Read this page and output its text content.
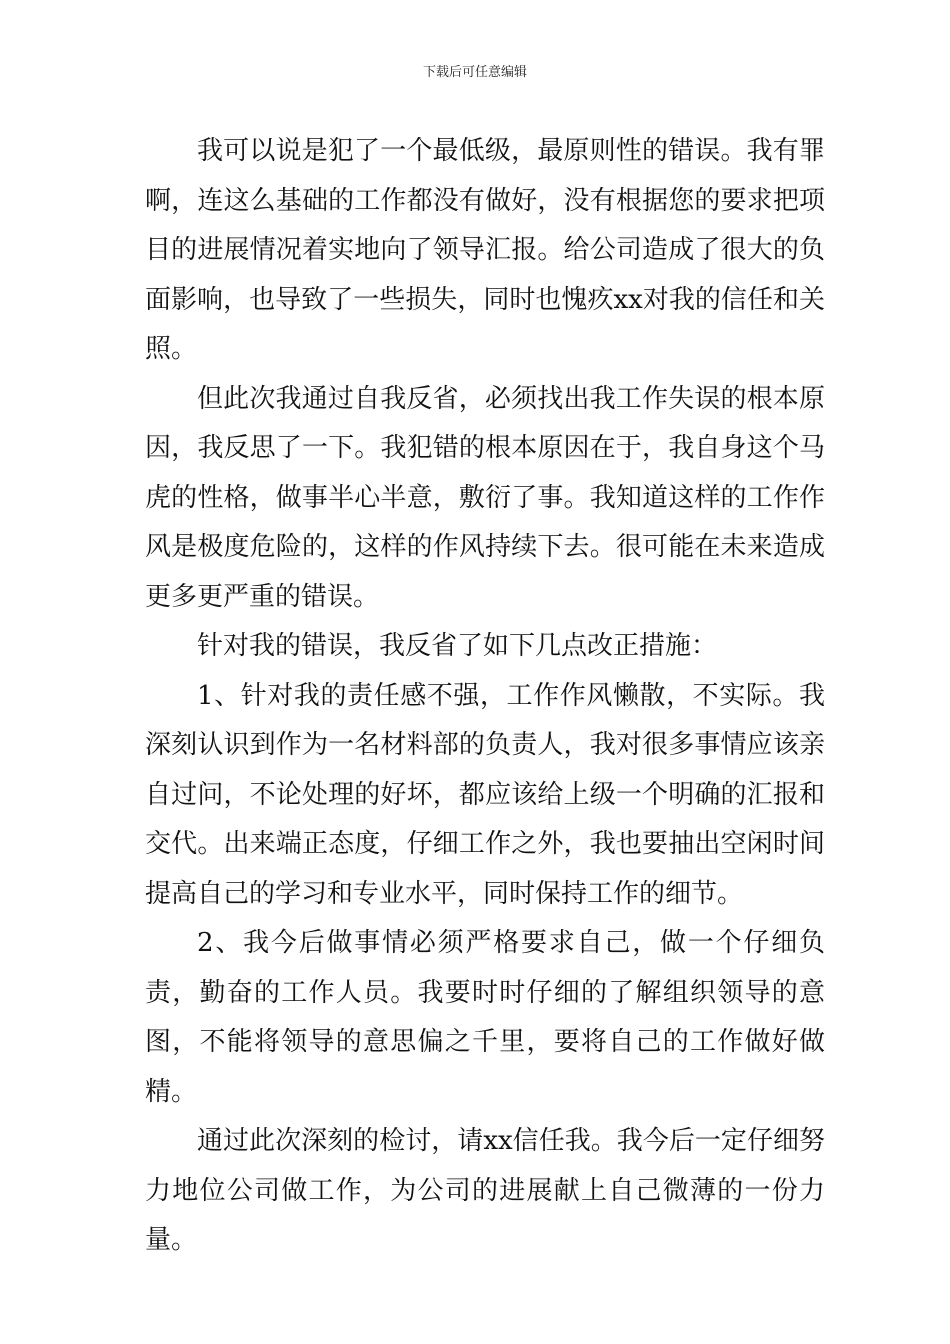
下载后可任意编辑

我可以说是犯了一个最低级，最原则性的错误。我有罪啊，连这么基础的工作都没有做好，没有根据您的要求把项目的进展情况着实地向了领导汇报。给公司造成了很大的负面影响，也导致了一些损失，同时也愧疚xx对我的信任和关照。

但此次我通过自我反省，必须找出我工作失误的根本原因，我反思了一下。我犯错的根本原因在于，我自身这个马虎的性格，做事半心半意，敷衍了事。我知道这样的工作作风是极度危险的，这样的作风持续下去。很可能在未来造成更多更严重的错误。

针对我的错误，我反省了如下几点改正措施：

1、针对我的责任感不强，工作作风懒散，不实际。我深刻认识到作为一名材料部的负责人，我对很多事情应该亲自过问，不论处理的好坏，都应该给上级一个明确的汇报和交代。出来端正态度，仔细工作之外，我也要抽出空闲时间提高自己的学习和专业水平，同时保持工作的细节。

2、我今后做事情必须严格要求自己，做一个仔细负责，勤奋的工作人员。我要时时仔细的了解组织领导的意图，不能将领导的意思偏之千里，要将自己的工作做好做精。

通过此次深刻的检讨，请xx信任我。我今后一定仔细努力地位公司做工作，为公司的进展献上自己微薄的一份力量。
